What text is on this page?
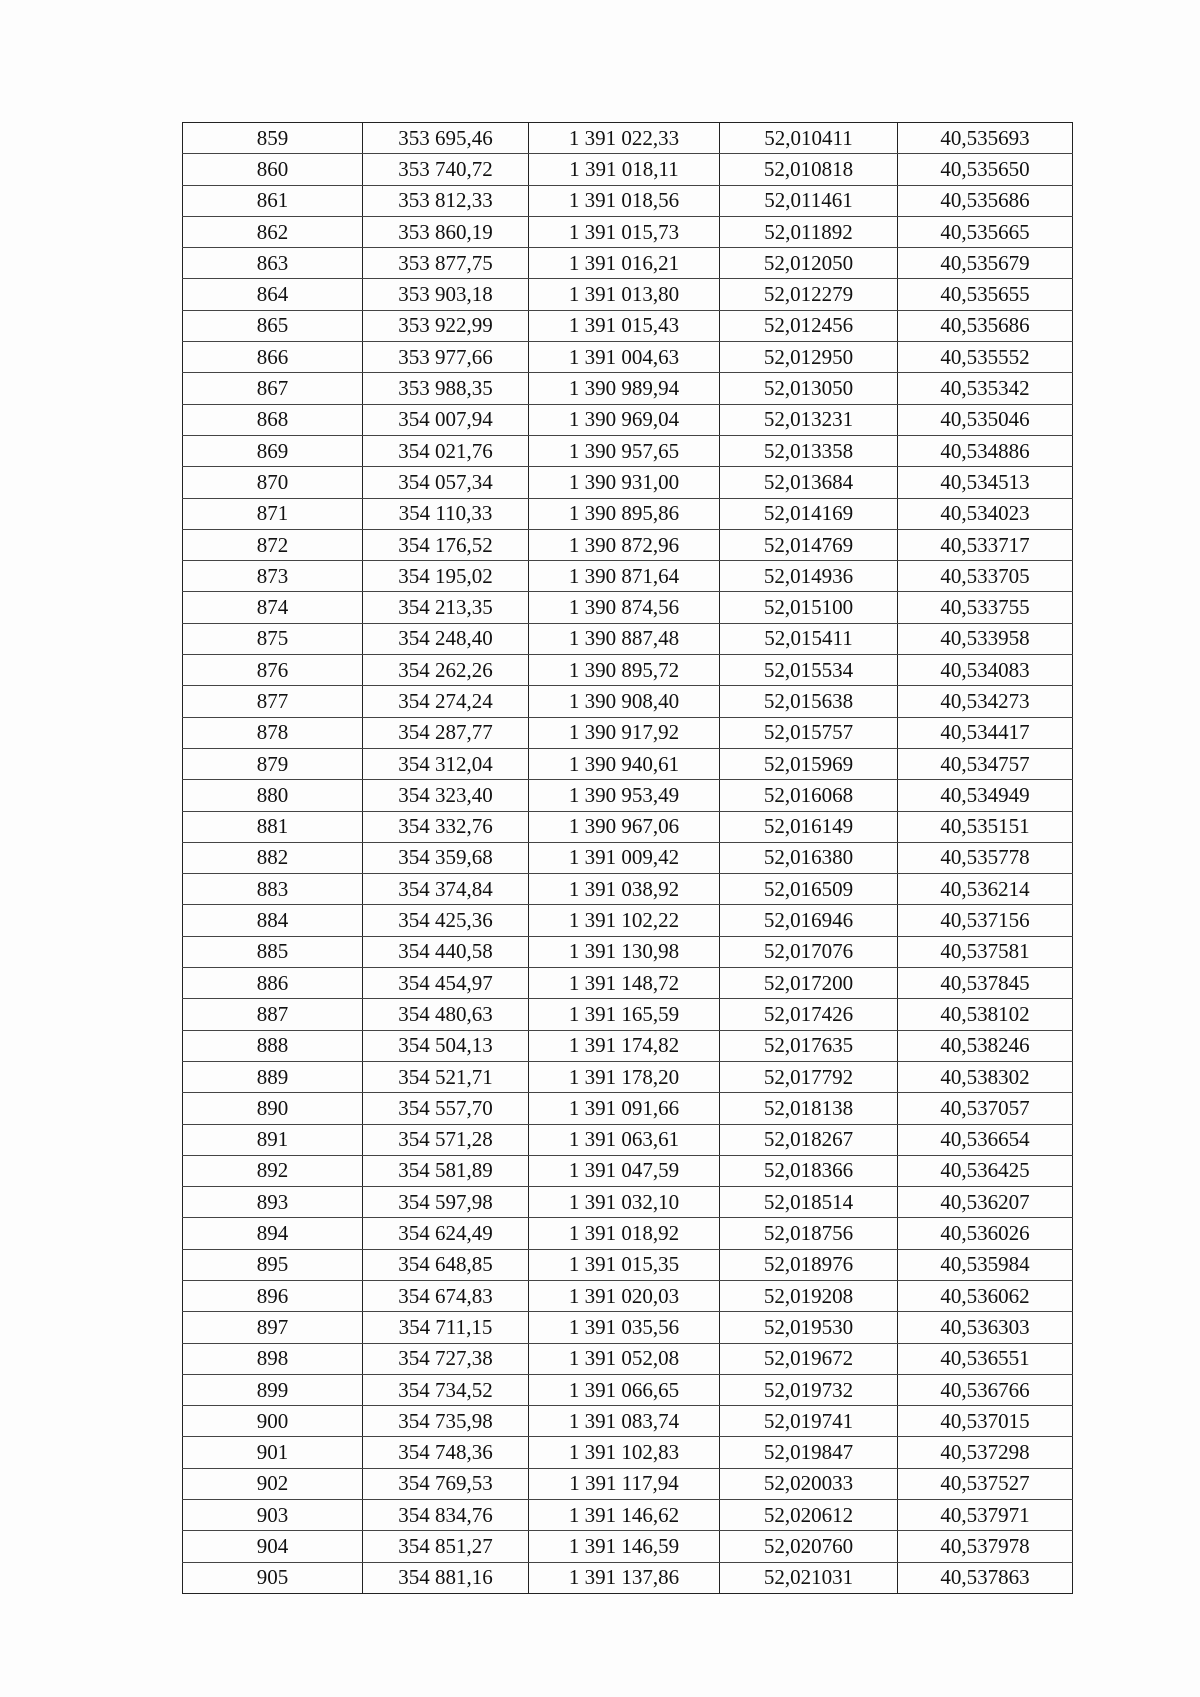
859	353 695,46	1 391 022,33	52,010411	40,535693
860	353 740,72	1 391 018,11	52,010818	40,535650
861	353 812,33	1 391 018,56	52,011461	40,535686
862	353 860,19	1 391 015,73	52,011892	40,535665
863	353 877,75	1 391 016,21	52,012050	40,535679
864	353 903,18	1 391 013,80	52,012279	40,535655
865	353 922,99	1 391 015,43	52,012456	40,535686
866	353 977,66	1 391 004,63	52,012950	40,535552
867	353 988,35	1 390 989,94	52,013050	40,535342
868	354 007,94	1 390 969,04	52,013231	40,535046
869	354 021,76	1 390 957,65	52,013358	40,534886
870	354 057,34	1 390 931,00	52,013684	40,534513
871	354 110,33	1 390 895,86	52,014169	40,534023
872	354 176,52	1 390 872,96	52,014769	40,533717
873	354 195,02	1 390 871,64	52,014936	40,533705
874	354 213,35	1 390 874,56	52,015100	40,533755
875	354 248,40	1 390 887,48	52,015411	40,533958
876	354 262,26	1 390 895,72	52,015534	40,534083
877	354 274,24	1 390 908,40	52,015638	40,534273
878	354 287,77	1 390 917,92	52,015757	40,534417
879	354 312,04	1 390 940,61	52,015969	40,534757
880	354 323,40	1 390 953,49	52,016068	40,534949
881	354 332,76	1 390 967,06	52,016149	40,535151
882	354 359,68	1 391 009,42	52,016380	40,535778
883	354 374,84	1 391 038,92	52,016509	40,536214
884	354 425,36	1 391 102,22	52,016946	40,537156
885	354 440,58	1 391 130,98	52,017076	40,537581
886	354 454,97	1 391 148,72	52,017200	40,537845
887	354 480,63	1 391 165,59	52,017426	40,538102
888	354 504,13	1 391 174,82	52,017635	40,538246
889	354 521,71	1 391 178,20	52,017792	40,538302
890	354 557,70	1 391 091,66	52,018138	40,537057
891	354 571,28	1 391 063,61	52,018267	40,536654
892	354 581,89	1 391 047,59	52,018366	40,536425
893	354 597,98	1 391 032,10	52,018514	40,536207
894	354 624,49	1 391 018,92	52,018756	40,536026
895	354 648,85	1 391 015,35	52,018976	40,535984
896	354 674,83	1 391 020,03	52,019208	40,536062
897	354 711,15	1 391 035,56	52,019530	40,536303
898	354 727,38	1 391 052,08	52,019672	40,536551
899	354 734,52	1 391 066,65	52,019732	40,536766
900	354 735,98	1 391 083,74	52,019741	40,537015
901	354 748,36	1 391 102,83	52,019847	40,537298
902	354 769,53	1 391 117,94	52,020033	40,537527
903	354 834,76	1 391 146,62	52,020612	40,537971
904	354 851,27	1 391 146,59	52,020760	40,537978
905	354 881,16	1 391 137,86	52,021031	40,537863
